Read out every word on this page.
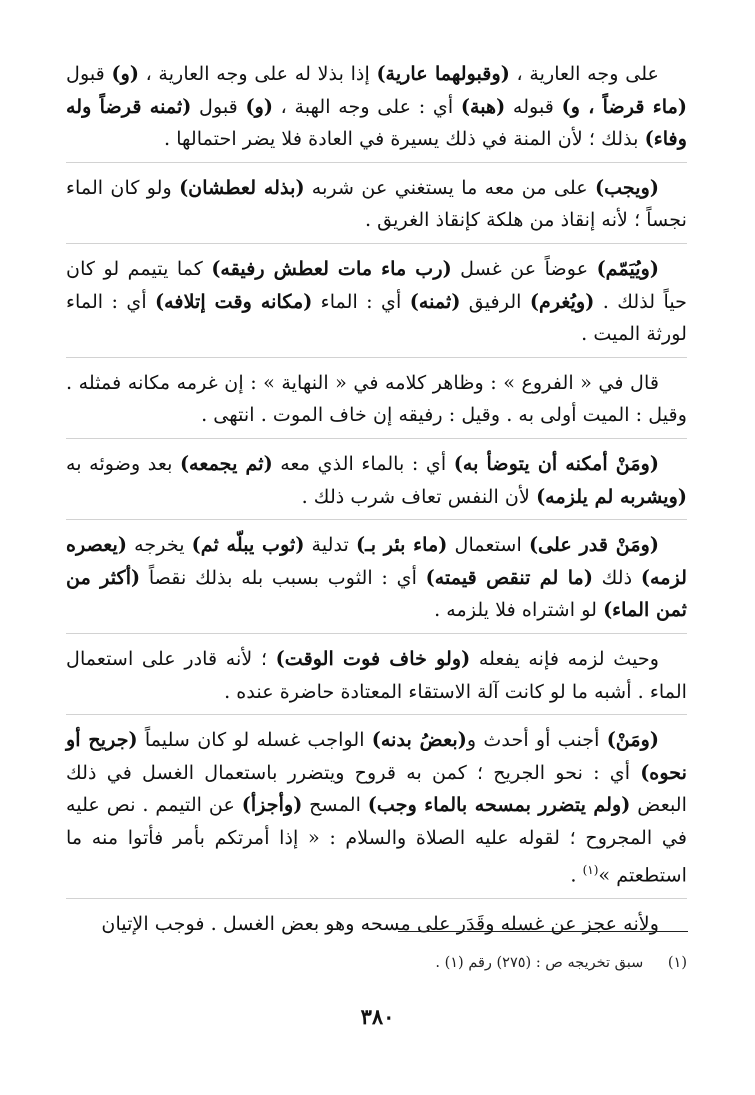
على وجه العارية ، (وقبولهما عارية) إذا بذلا له على وجه العارية ، (و) قبول (ماء قرضاً ، و) قبوله (هبة) أي : على وجه الهبة ، (و) قبول (ثمنه قرضاً وله وفاء) بذلك ؛ لأن المنة في ذلك يسيرة في العادة فلا يضر احتمالها .

(ويجب) على من معه ما يستغني عن شربه (بذله لعطشان) ولو كان الماء نجساً ؛ لأنه إنقاذ من هلكة كإنقاذ الغريق .

(ويُيَمّم) عوضاً عن غسل (رب ماء مات لعطش رفيقه) كما يتيمم لو كان حياً لذلك . (ويُغرم) الرفيق (ثمنه) أي : الماء (مكانه وقت إتلافه) أي : الماء لورثة الميت .

قال في « الفروع » : وظاهر كلامه في « النهاية » : إن غرمه مكانه فمثله . وقيل : الميت أولى به . وقيل : رفيقه إن خاف الموت . انتهى .

(ومَنْ أمكنه أن يتوضأ به) أي : بالماء الذي معه (ثم يجمعه) بعد وضوئه به (ويشربه لم يلزمه) لأن النفس تعاف شرب ذلك .

(ومَنْ قدر على) استعمال (ماء بئر بـ) تدلية (ثوب يبلّه ثم) يخرجه (يعصره لزمه) ذلك (ما لم تنقص قيمته) أي : الثوب بسبب بله بذلك نقصاً (أكثر من ثمن الماء) لو اشتراه فلا يلزمه .

وحيث لزمه فإنه يفعله (ولو خاف فوت الوقت) ؛ لأنه قادر على استعمال الماء . أشبه ما لو كانت آلة الاستقاء المعتادة حاضرة عنده .

(ومَنْ) أجنب أو أحدث و(بعضُ بدنه) الواجب غسله لو كان سليماً (جريح أو نحوه) أي : نحو الجريح ؛ كمن به قروح ويتضرر باستعمال الغسل في ذلك البعض (ولم يتضرر بمسحه بالماء وجب) المسح (وأجزأ) عن التيمم . نص عليه في المجروح ؛ لقوله عليه الصلاة والسلام : « إذا أمرتكم بأمر فأتوا منه ما استطعتم »$^{(١)}$ .

ولأنه عجز عن غسله وقَدَر على مسحه وهو بعض الغسل . فوجب الإتيان

(١) سبق تخريجه ص : (٢٧٥) رقم (١) .
٣٨٠
